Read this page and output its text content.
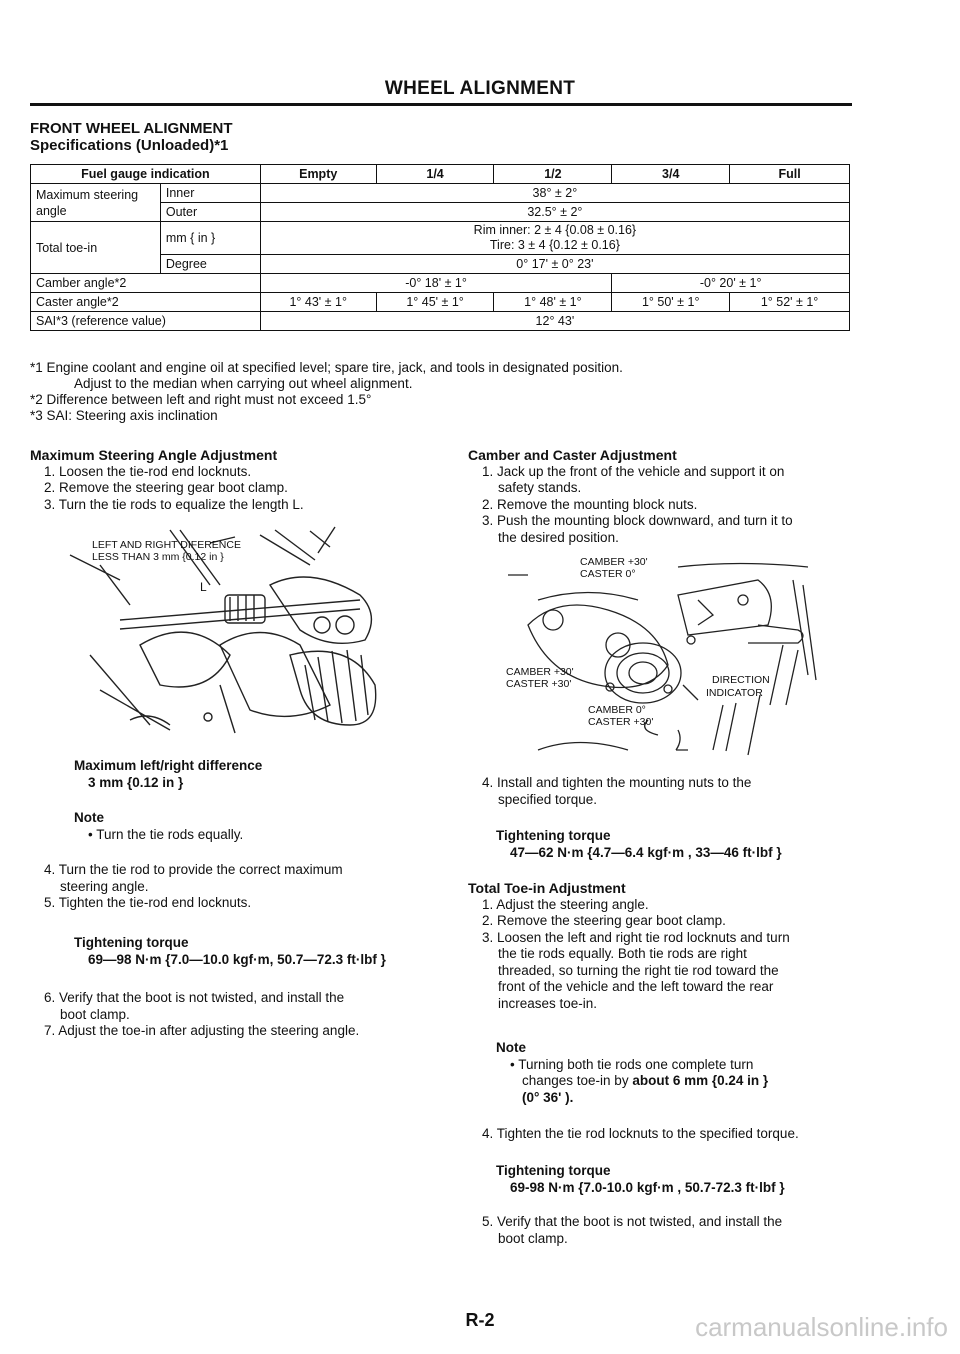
WHEEL ALIGNMENT
FRONT WHEEL ALIGNMENT
Specifications (Unloaded)*1
Fuel gauge indication		Empty	1/4	1/2	3/4	Full
Maximum steering angle	Inner	38° ± 2°				
	Outer	32.5° ± 2°				
Total toe-in	mm { in }	Rim inner: 2 ± 4 {0.08 ± 0.16}
Tire: 3 ± 4 {0.12 ± 0.16}				

	Degree	0° 17' ± 0° 23'				
Camber angle*2		-0° 18' ± 1°			-0° 20' ± 1°	
Caster angle*2		1° 43' ± 1°	1° 45' ± 1°	1° 48' ± 1°	1° 50' ± 1°	1° 52' ± 1°
SAI*3 (reference value)		12° 43'				
*1 Engine coolant and engine oil at specified level; spare tire, jack, and tools in designated position.
Adjust to the median when carrying out wheel alignment.
*2 Difference between left and right must not exceed 1.5°
*3 SAI: Steering axis inclination
Maximum Steering Angle Adjustment
1. Loosen the tie-rod end locknuts.
2. Remove the steering gear boot clamp.
3. Turn the tie rods to equalize the length L.
LEFT AND RIGHT DIFERENCE
LESS THAN 3 mm {0.12 in }
L
Maximum left/right difference
3 mm {0.12 in }
Note
• Turn the tie rods equally.
4. Turn the tie rod to provide the correct maximum
steering angle.
5. Tighten the tie-rod end locknuts.
Tightening torque
69—98 N·m {7.0—10.0 kgf·m, 50.7—72.3 ft·lbf }
6. Verify that the boot is not twisted, and install the
boot clamp.
7. Adjust the toe-in after adjusting the steering angle.
Camber and Caster Adjustment
1. Jack up the front of the vehicle and support it on
safety stands.
2. Remove the mounting block nuts.
3. Push the mounting block downward, and turn it to
the desired position.
CAMBER +30'
CASTER 0°
CAMBER +30'
CASTER +30'	DIRECTION
INDICATOR
CAMBER 0°
CASTER +30'
4. Install and tighten the mounting nuts to the
specified torque.
Tightening torque
47—62 N·m {4.7—6.4 kgf·m , 33—46 ft·lbf }
Total Toe-in Adjustment
1. Adjust the steering angle.
2. Remove the steering gear boot clamp.
3. Loosen the left and right tie rod locknuts and turn
the tie rods equally. Both tie rods are right
threaded, so turning the right tie rod toward the
front of the vehicle and the left toward the rear
increases toe-in.
Note
• Turning both tie rods one complete turn
changes toe-in by about 6 mm {0.24 in }
(0° 36' ).
4. Tighten the tie rod locknuts to the specified torque.
Tightening torque
69-98 N·m {7.0-10.0 kgf·m , 50.7-72.3 ft·lbf }
5. Verify that the boot is not twisted, and install the
boot clamp.
R-2	carmanualsonline.info
